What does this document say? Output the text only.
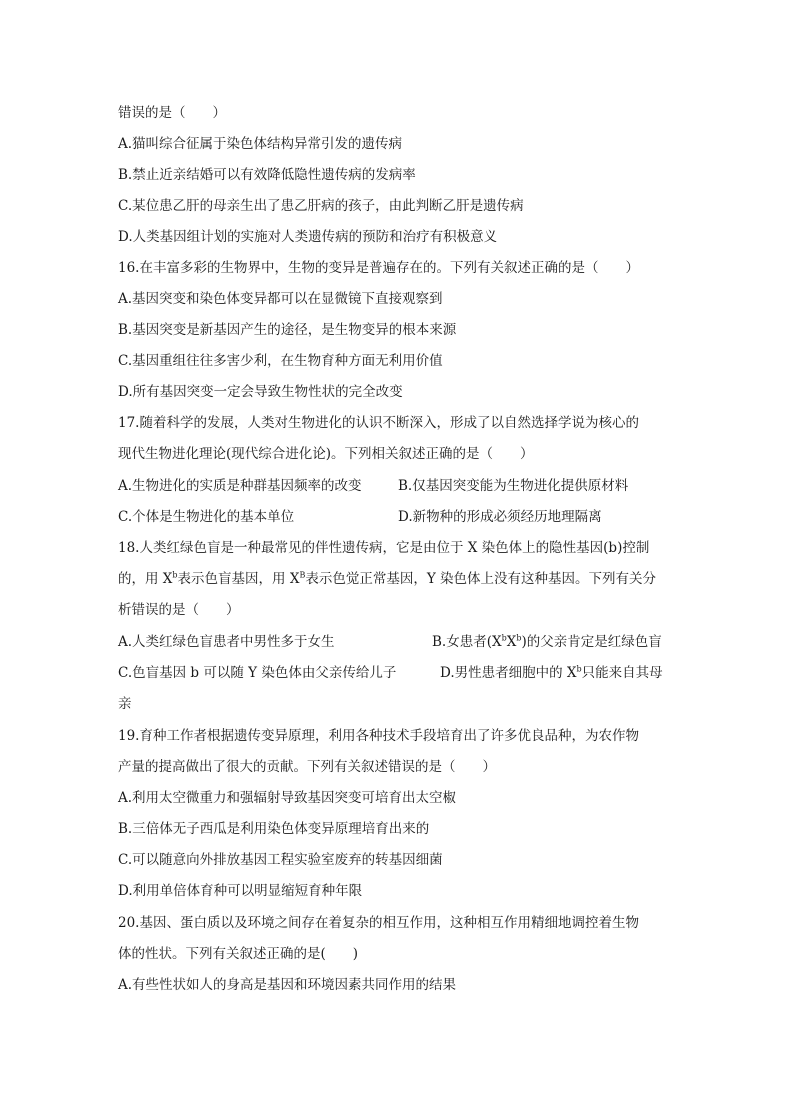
错误的是（　　）
A.猫叫综合征属于染色体结构异常引发的遗传病
B.禁止近亲结婚可以有效降低隐性遗传病的发病率
C.某位患乙肝的母亲生出了患乙肝病的孩子，由此判断乙肝是遗传病
D.人类基因组计划的实施对人类遗传病的预防和治疗有积极意义
16.在丰富多彩的生物界中，生物的变异是普遍存在的。下列有关叙述正确的是（　　）
A.基因突变和染色体变异都可以在显微镜下直接观察到
B.基因突变是新基因产生的途径，是生物变异的根本来源
C.基因重组往往多害少利，在生物育种方面无利用价值
D.所有基因突变一定会导致生物性状的完全改变
17.随着科学的发展，人类对生物进化的认识不断深入，形成了以自然选择学说为核心的
现代生物进化理论(现代综合进化论)。下列相关叙述正确的是（　　）
A.生物进化的实质是种群基因频率的改变	B.仅基因突变能为生物进化提供原材料
C.个体是生物进化的基本单位	D.新物种的形成必须经历地理隔离
18.人类红绿色盲是一种最常见的伴性遗传病，它是由位于 X 染色体上的隐性基因(b)控制
的，用 $X^b$表示色盲基因，用 $X^B$表示色觉正常基因，Y 染色体上没有这种基因。下列有关分
析错误的是（　　）
A.人类红绿色盲患者中男性多于女生	B.女患者$(X^bX^b)$的父亲肯定是红绿色盲
C.色盲基因 b 可以随 Y 染色体由父亲传给儿子	D.男性患者细胞中的 $X^b$只能来自其母
亲
19.育种工作者根据遗传变异原理，利用各种技术手段培育出了许多优良品种，为农作物
产量的提高做出了很大的贡献。下列有关叙述错误的是（　　）
A.利用太空微重力和强辐射导致基因突变可培育出太空椒
B.三倍体无子西瓜是利用染色体变异原理培育出来的
C.可以随意向外排放基因工程实验室废弃的转基因细菌
D.利用单倍体育种可以明显缩短育种年限
20.基因、蛋白质以及环境之间存在着复杂的相互作用，这种相互作用精细地调控着生物
体的性状。下列有关叙述正确的是(　　)
A.有些性状如人的身高是基因和环境因素共同作用的结果
